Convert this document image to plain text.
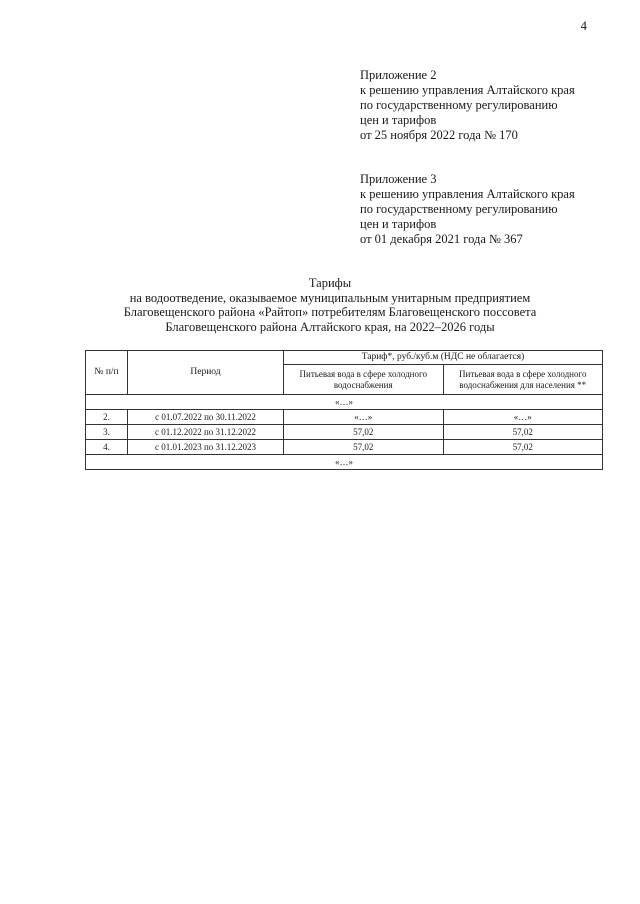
4
Приложение 2
к решению управления Алтайского края
по государственному регулированию
цен и тарифов
от 25 ноября 2022 года № 170
Приложение 3
к решению управления Алтайского края
по государственному регулированию
цен и тарифов
от 01 декабря 2021 года № 367
Тарифы
на водоотведение, оказываемое муниципальным унитарным предприятием
Благовещенского района «Райтоп» потребителям Благовещенского поссовета
Благовещенского района Алтайского края, на 2022–2026 годы
№ п/п	Период	Тариф*, руб./куб.м (НДС не облагается)	
		Питьевая вода в сфере холодного водоснабжения	Питьевая вода в сфере холодного водоснабжения для населения **
«…»			
2.	с 01.07.2022 по 30.11.2022	«…»	«…»
3.	с 01.12.2022 по 31.12.2022	57,02	57,02
4.	с 01.01.2023 по 31.12.2023	57,02	57,02
«…»			
